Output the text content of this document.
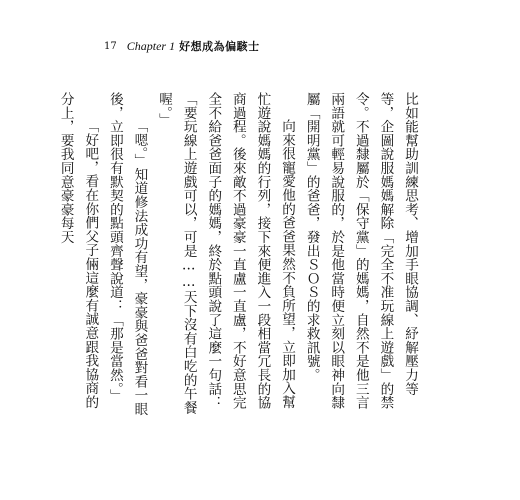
17 Chapter 1 好想成為偏駭士

比如能幫助訓練思考、增加手眼協調、紓解壓力等等，企圖說服媽媽解除「完全不准玩線上遊戲」的禁令。不過隸屬於「保守黨」的媽媽，自然不是他三言兩語就可輕易說服的，於是他當時便立刻以眼神向隸屬「開明黨」的爸爸，發出ＳＯＳ的求救訊號。

向來很寵愛他的爸爸果然不負所望，立即加入幫忙遊說媽媽的行列，接下來便進入一段相當冗長的協商過程。後來敵不過豪豪一直盧一直盧，不好意思完全不給爸爸面子的媽媽，終於點頭說了這麼一句話：「要玩線上遊戲可以，可是……天下沒有白吃的午餐喔。」

「嗯。」知道修法成功有望，豪豪與爸爸對看一眼後，立即很有默契的點頭齊聲說道：「那是當然。」

「好吧，看在你們父子倆這麼有誠意跟我協商的分上，要我同意豪豪每天
